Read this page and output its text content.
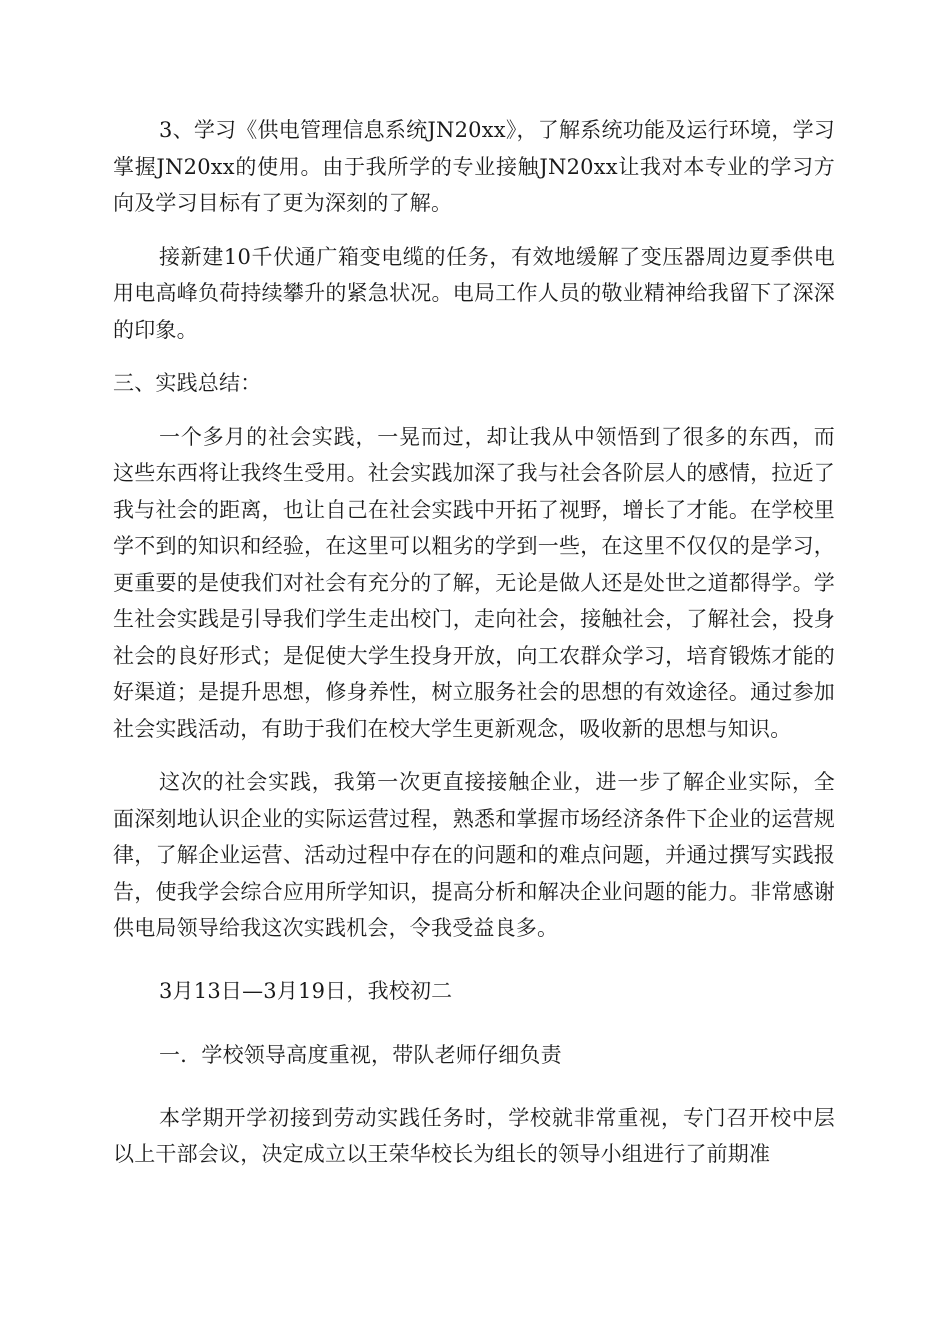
3、学习《供电管理信息系统JN20xx》，了解系统功能及运行环境，学习掌握JN20xx的使用。由于我所学的专业接触JN20xx让我对本专业的学习方向及学习目标有了更为深刻的了解。

接新建10千伏通广箱变电缆的任务，有效地缓解了变压器周边夏季供电用电高峰负荷持续攀升的紧急状况。电局工作人员的敬业精神给我留下了深深的印象。

三、实践总结：

一个多月的社会实践，一晃而过，却让我从中领悟到了很多的东西，而这些东西将让我终生受用。社会实践加深了我与社会各阶层人的感情，拉近了我与社会的距离，也让自己在社会实践中开拓了视野，增长了才能。在学校里学不到的知识和经验，在这里可以粗劣的学到一些，在这里不仅仅的是学习，更重要的是使我们对社会有充分的了解，无论是做人还是处世之道都得学。学生社会实践是引导我们学生走出校门，走向社会，接触社会，了解社会，投身社会的良好形式；是促使大学生投身开放，向工农群众学习，培育锻炼才能的好渠道；是提升思想，修身养性，树立服务社会的思想的有效途径。通过参加社会实践活动，有助于我们在校大学生更新观念，吸收新的思想与知识。

这次的社会实践，我第一次更直接接触企业，进一步了解企业实际，全面深刻地认识企业的实际运营过程，熟悉和掌握市场经济条件下企业的运营规律，了解企业运营、活动过程中存在的问题和的难点问题，并通过撰写实践报告，使我学会综合应用所学知识，提高分析和解决企业问题的能力。非常感谢供电局领导给我这次实践机会，令我受益良多。

3月13日—3月19日，我校初二

一．学校领导高度重视，带队老师仔细负责

本学期开学初接到劳动实践任务时，学校就非常重视，专门召开校中层以上干部会议，决定成立以王荣华校长为组长的领导小组进行了前期准
